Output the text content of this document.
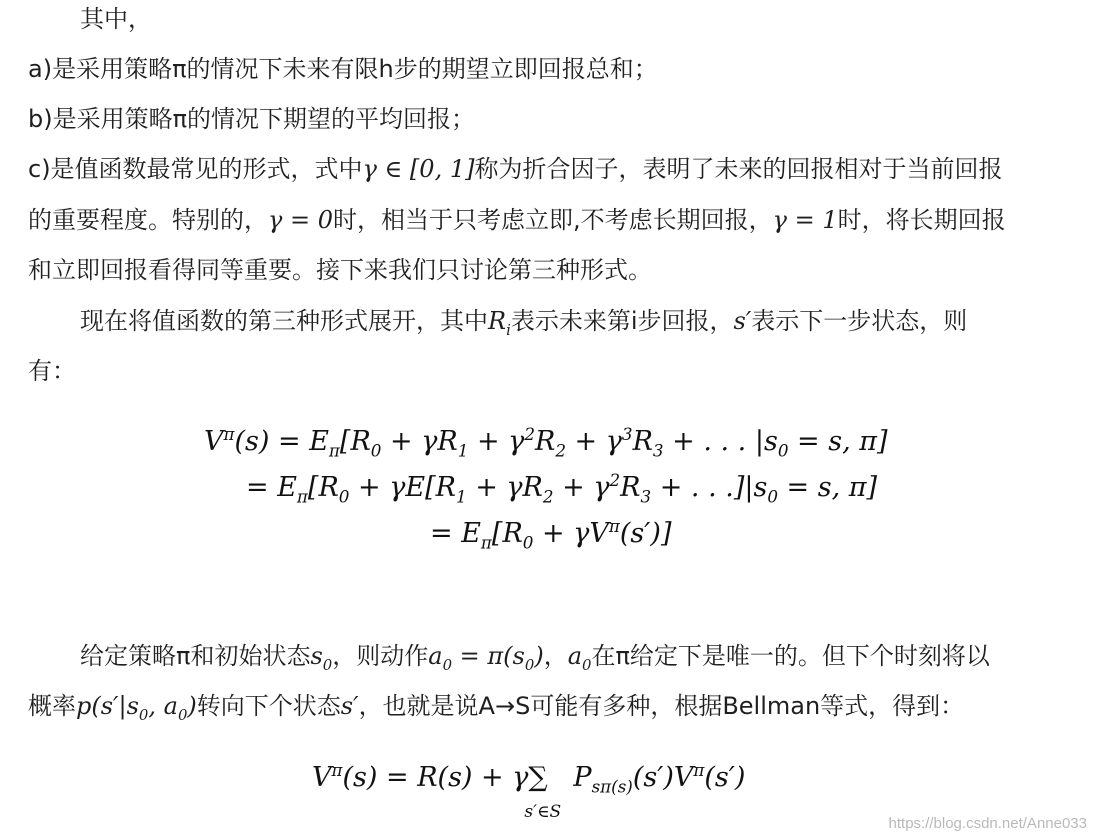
其中，
a)是采用策略π的情况下未来有限h步的期望立即回报总和；
b)是采用策略π的情况下期望的平均回报；
c)是值函数最常见的形式，式中γ ∈ [0, 1]称为折合因子，表明了未来的回报相对于当前回报
的重要程度。特别的，γ = 0时，相当于只考虑立即,不考虑长期回报，γ = 1时，将长期回报
和立即回报看得同等重要。接下来我们只讨论第三种形式。
现在将值函数的第三种形式展开，其中$R_i$表示未来第i步回报，s′表示下一步状态，则
有：
$V^\pi(s) = E_\pi[R_0 + \gamma R_1 + \gamma^2R_2 + \gamma^3R_3$ + . . . $|s_0 = s$, π]
= $E_\pi[R_0 + \gamma E[R_1 + \gamma R_2 + \gamma^2R_3$ + . . $.]|s_0 = s$, π]
= $E_\pi[R_0 + \gamma V^\pi(s')]$
给定策略π和初始状态$s_0$，则动作$a_0 = \pi(s_0)$，$a_0$在π给定下是唯一的。但下个时刻将以
概率$p(s'|s_0$, $a_0$)转向下个状态s′，也就是说A→S可能有多种，根据Bellman等式，得到：
$V^\pi(s) = R(s) + \gamma\sum$
s′∈S
$P_{s\pi(s)}(s')V^\pi(s')$
https://blog.csdn.net/Anne033
